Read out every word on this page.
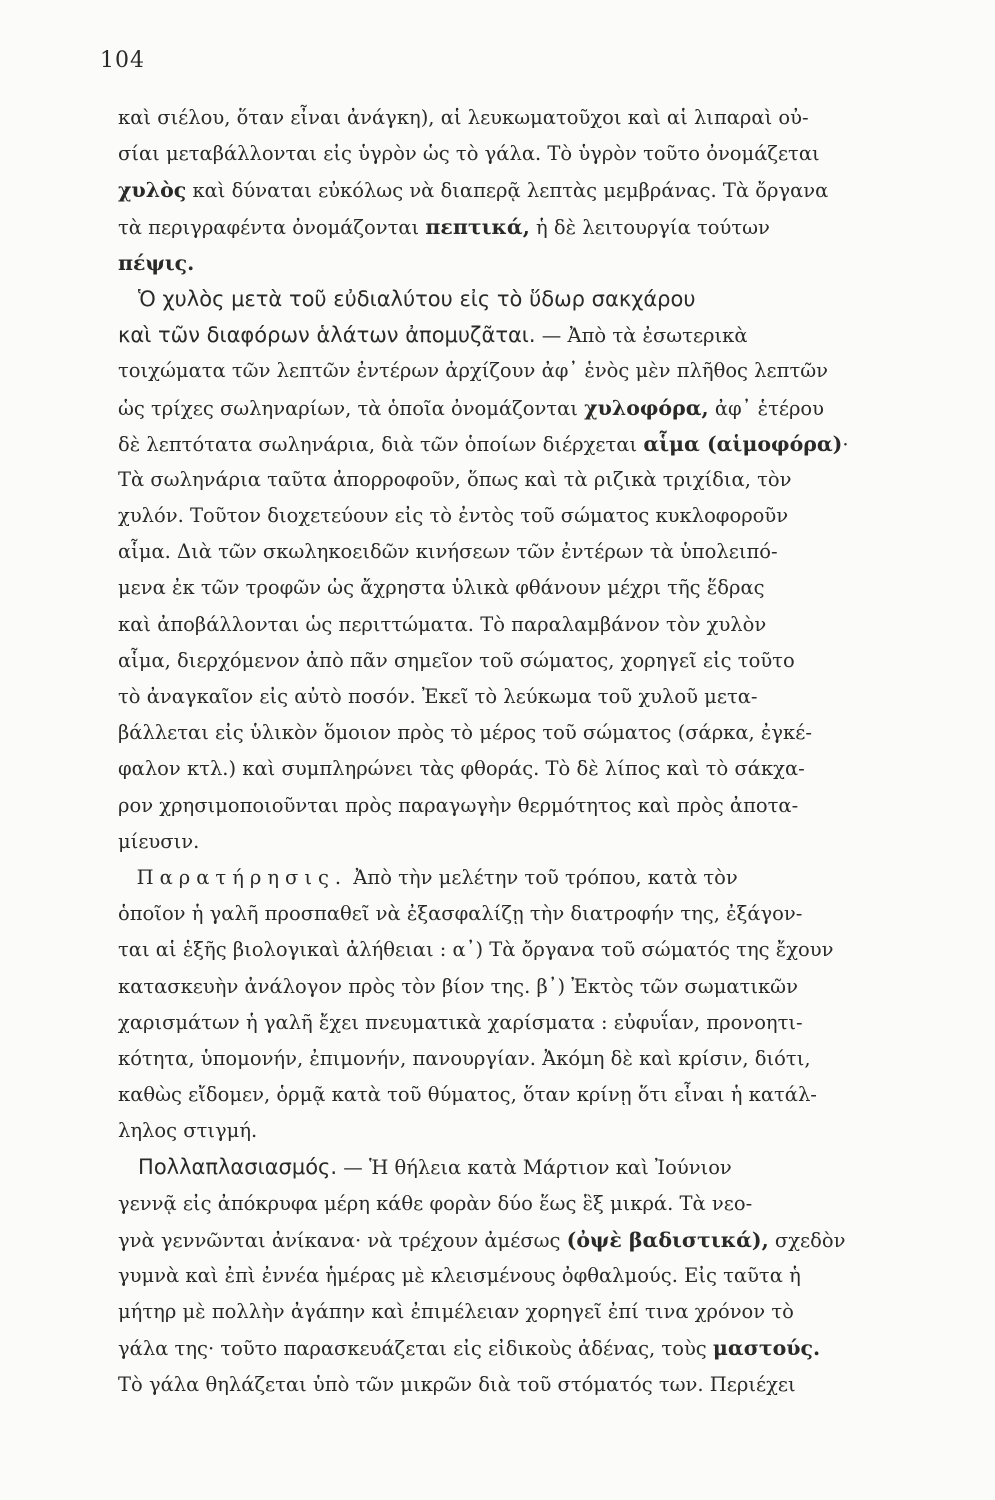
104
καὶ σιέλου, ὅταν εἶναι ἀνάγκη), αἱ λευκωματοῦχοι καὶ αἱ λιπαραὶ οὐ-
σίαι μεταβάλλονται εἰς ὑγρὸν ὡς τὸ γάλα. Τὸ ὑγρὸν τοῦτο ὀνομάζεται
χυλὸς καὶ δύναται εὐκόλως νὰ διαπερᾷ λεπτὰς μεμβράνας. Τὰ ὄργανα
τὰ περιγραφέντα ὀνομάζονται πεπτικά, ἡ δὲ λειτουργία τούτων
πέψις.
Ὁ χυλὸς μετὰ τοῦ εὐδιαλύτου εἰς τὸ ὕδωρ σακχάρου
καὶ τῶν διαφόρων ἁλάτων ἀπομυζᾶται. — Ἀπὸ τὰ ἐσωτερικὰ
τοιχώματα τῶν λεπτῶν ἐντέρων ἀρχίζουν ἀφ᾿ ἑνὸς μὲν πλῆθος λεπτῶν
ὡς τρίχες σωληναρίων, τὰ ὁποῖα ὀνομάζονται χυλοφόρα, ἀφ᾿ ἑτέρου
δὲ λεπτότατα σωληνάρια, διὰ τῶν ὁποίων διέρχεται αἷμα (αἱμοφόρα)·
Τὰ σωληνάρια ταῦτα ἀπορροφοῦν, ὅπως καὶ τὰ ριζικὰ τριχίδια, τὸν
χυλόν. Τοῦτον διοχετεύουν εἰς τὸ ἐντὸς τοῦ σώματος κυκλοφοροῦν
αἷμα. Διὰ τῶν σκωληκοειδῶν κινήσεων τῶν ἐντέρων τὰ ὑπολειπό-
μενα ἐκ τῶν τροφῶν ὡς ἄχρηστα ὑλικὰ φθάνουν μέχρι τῆς ἕδρας
καὶ ἀποβάλλονται ὡς περιττώματα. Τὸ παραλαμβάνον τὸν χυλὸν
αἷμα, διερχόμενον ἀπὸ πᾶν σημεῖον τοῦ σώματος, χορηγεῖ εἰς τοῦτο
τὸ ἀναγκαῖον εἰς αὐτὸ ποσόν. Ἐκεῖ τὸ λεύκωμα τοῦ χυλοῦ μετα-
βάλλεται εἰς ὑλικὸν ὅμοιον πρὸς τὸ μέρος τοῦ σώματος (σάρκα, ἐγκέ-
φαλον κτλ.) καὶ συμπληρώνει τὰς φθοράς. Τὸ δὲ λίπος καὶ τὸ σάκχα-
ρον χρησιμοποιοῦνται πρὸς παραγωγὴν θερμότητος καὶ πρὸς ἀποτα-
μίευσιν.
Παρατήρησις. Ἀπὸ τὴν μελέτην τοῦ τρόπου, κατὰ τὸν
ὁποῖον ἡ γαλῆ προσπαθεῖ νὰ ἐξασφαλίζῃ τὴν διατροφήν της, ἐξάγον-
ται αἱ ἑξῆς βιολογικαὶ ἀλήθειαι : α᾿) Τὰ ὄργανα τοῦ σώματός της ἔχουν
κατασκευὴν ἀνάλογον πρὸς τὸν βίον της. β᾿) Ἐκτὸς τῶν σωματικῶν
χαρισμάτων ἡ γαλῆ ἔχει πνευματικὰ χαρίσματα : εὐφυΐαν, προνοητι-
κότητα, ὑπομονήν, ἐπιμονήν, πανουργίαν. Ἀκόμη δὲ καὶ κρίσιν, διότι,
καθὼς εἴδομεν, ὁρμᾷ κατὰ τοῦ θύματος, ὅταν κρίνῃ ὅτι εἶναι ἡ κατάλ-
ληλος στιγμή.
Πολλαπλασιασμός. — Ἡ θήλεια κατὰ Μάρτιον καὶ Ἰούνιον
γεννᾷ εἰς ἀπόκρυφα μέρη κάθε φορὰν δύο ἕως ἓξ μικρά. Τὰ νεο-
γνὰ γεννῶνται ἀνίκανα· νὰ τρέχουν ἀμέσως (ὀψὲ βαδιστικά), σχεδὸν
γυμνὰ καὶ ἐπὶ ἐννέα ἡμέρας μὲ κλεισμένους ὀφθαλμούς. Εἰς ταῦτα ἡ
μήτηρ μὲ πολλὴν ἀγάπην καὶ ἐπιμέλειαν χορηγεῖ ἐπί τινα χρόνον τὸ
γάλα της· τοῦτο παρασκευάζεται εἰς εἰδικοὺς ἀδένας, τοὺς μαστούς.
Τὸ γάλα θηλάζεται ὑπὸ τῶν μικρῶν διὰ τοῦ στόματός των. Περιέχει
